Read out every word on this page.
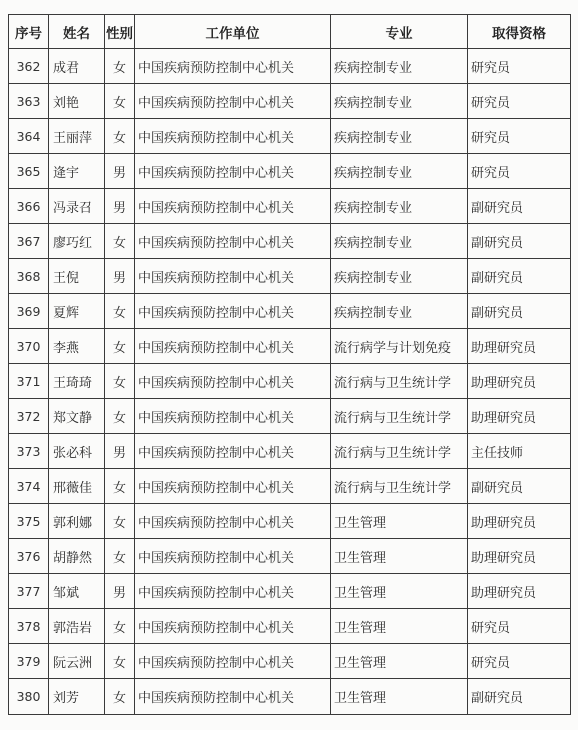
序号	姓名	性别	工作单位	专业	取得资格
362	成君	女	中国疾病预防控制中心机关	疾病控制专业	研究员
363	刘艳	女	中国疾病预防控制中心机关	疾病控制专业	研究员
364	王丽萍	女	中国疾病预防控制中心机关	疾病控制专业	研究员
365	逄宇	男	中国疾病预防控制中心机关	疾病控制专业	研究员
366	冯录召	男	中国疾病预防控制中心机关	疾病控制专业	副研究员
367	廖巧红	女	中国疾病预防控制中心机关	疾病控制专业	副研究员
368	王倪	男	中国疾病预防控制中心机关	疾病控制专业	副研究员
369	夏辉	女	中国疾病预防控制中心机关	疾病控制专业	副研究员
370	李燕	女	中国疾病预防控制中心机关	流行病学与计划免疫	助理研究员
371	王琦琦	女	中国疾病预防控制中心机关	流行病与卫生统计学	助理研究员
372	郑文静	女	中国疾病预防控制中心机关	流行病与卫生统计学	助理研究员
373	张必科	男	中国疾病预防控制中心机关	流行病与卫生统计学	主任技师
374	邢薇佳	女	中国疾病预防控制中心机关	流行病与卫生统计学	副研究员
375	郭利娜	女	中国疾病预防控制中心机关	卫生管理	助理研究员
376	胡静然	女	中国疾病预防控制中心机关	卫生管理	助理研究员
377	邹斌	男	中国疾病预防控制中心机关	卫生管理	助理研究员
378	郭浩岩	女	中国疾病预防控制中心机关	卫生管理	研究员
379	阮云洲	女	中国疾病预防控制中心机关	卫生管理	研究员
380	刘芳	女	中国疾病预防控制中心机关	卫生管理	副研究员
